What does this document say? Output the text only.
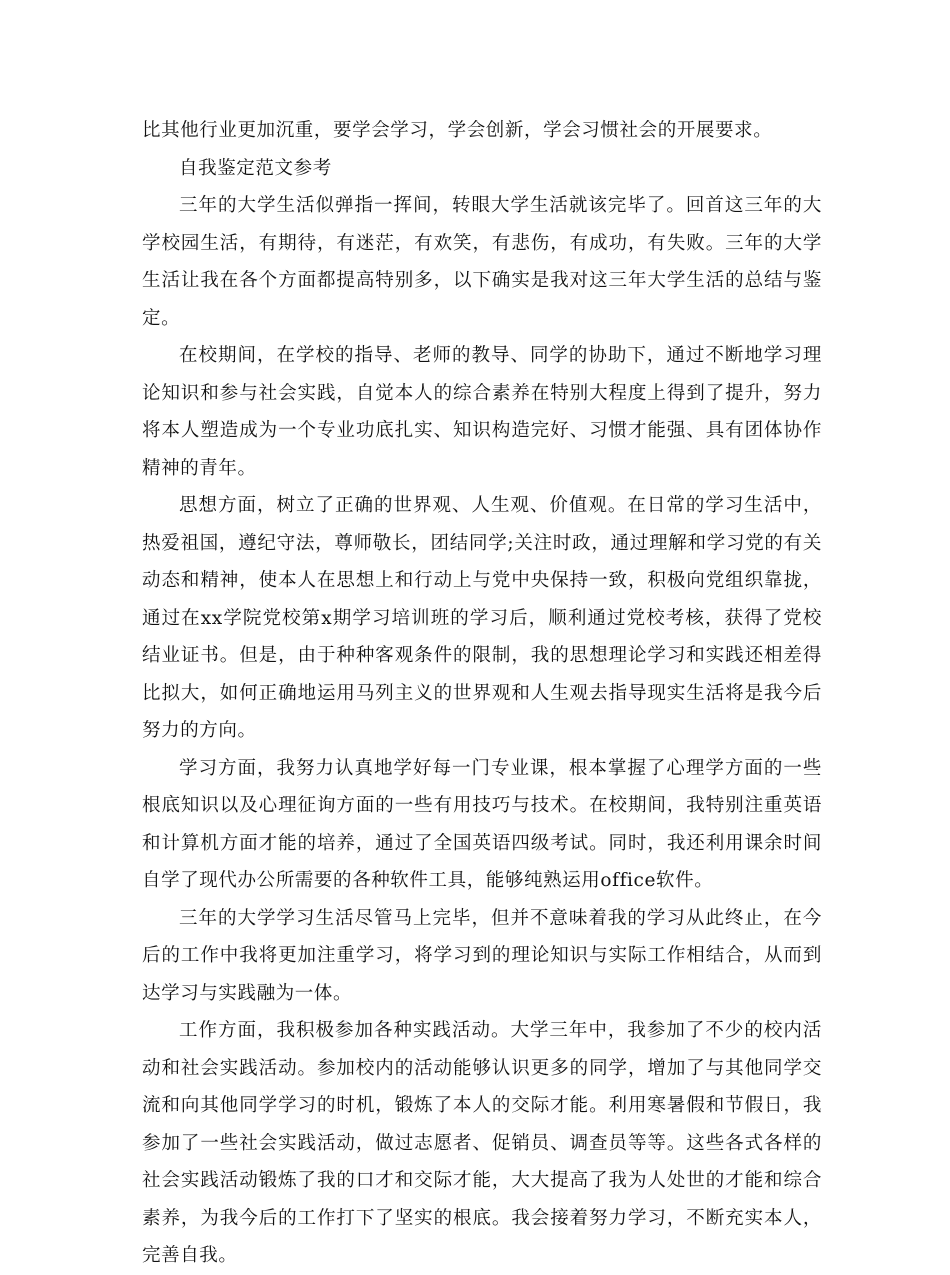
比其他行业更加沉重，要学会学习，学会创新，学会习惯社会的开展要求。

自我鉴定范文参考

三年的大学生活似弹指一挥间，转眼大学生活就该完毕了。回首这三年的大学校园生活，有期待，有迷茫，有欢笑，有悲伤，有成功，有失败。三年的大学生活让我在各个方面都提高特别多，以下确实是我对这三年大学生活的总结与鉴定。

在校期间，在学校的指导、老师的教导、同学的协助下，通过不断地学习理论知识和参与社会实践，自觉本人的综合素养在特别大程度上得到了提升，努力将本人塑造成为一个专业功底扎实、知识构造完好、习惯才能强、具有团体协作精神的青年。

思想方面，树立了正确的世界观、人生观、价值观。在日常的学习生活中，热爱祖国，遵纪守法，尊师敬长，团结同学;关注时政，通过理解和学习党的有关动态和精神，使本人在思想上和行动上与党中央保持一致，积极向党组织靠拢，通过在xx学院党校第x期学习培训班的学习后，顺利通过党校考核，获得了党校结业证书。但是，由于种种客观条件的限制，我的思想理论学习和实践还相差得比拟大，如何正确地运用马列主义的世界观和人生观去指导现实生活将是我今后努力的方向。

学习方面，我努力认真地学好每一门专业课，根本掌握了心理学方面的一些根底知识以及心理征询方面的一些有用技巧与技术。在校期间，我特别注重英语和计算机方面才能的培养，通过了全国英语四级考试。同时，我还利用课余时间自学了现代办公所需要的各种软件工具，能够纯熟运用office软件。

三年的大学学习生活尽管马上完毕，但并不意味着我的学习从此终止，在今后的工作中我将更加注重学习，将学习到的理论知识与实际工作相结合，从而到达学习与实践融为一体。

工作方面，我积极参加各种实践活动。大学三年中，我参加了不少的校内活动和社会实践活动。参加校内的活动能够认识更多的同学，增加了与其他同学交流和向其他同学学习的时机，锻炼了本人的交际才能。利用寒暑假和节假日，我参加了一些社会实践活动，做过志愿者、促销员、调查员等等。这些各式各样的社会实践活动锻炼了我的口才和交际才能，大大提高了我为人处世的才能和综合素养，为我今后的工作打下了坚实的根底。我会接着努力学习，不断充实本人，完善自我。
